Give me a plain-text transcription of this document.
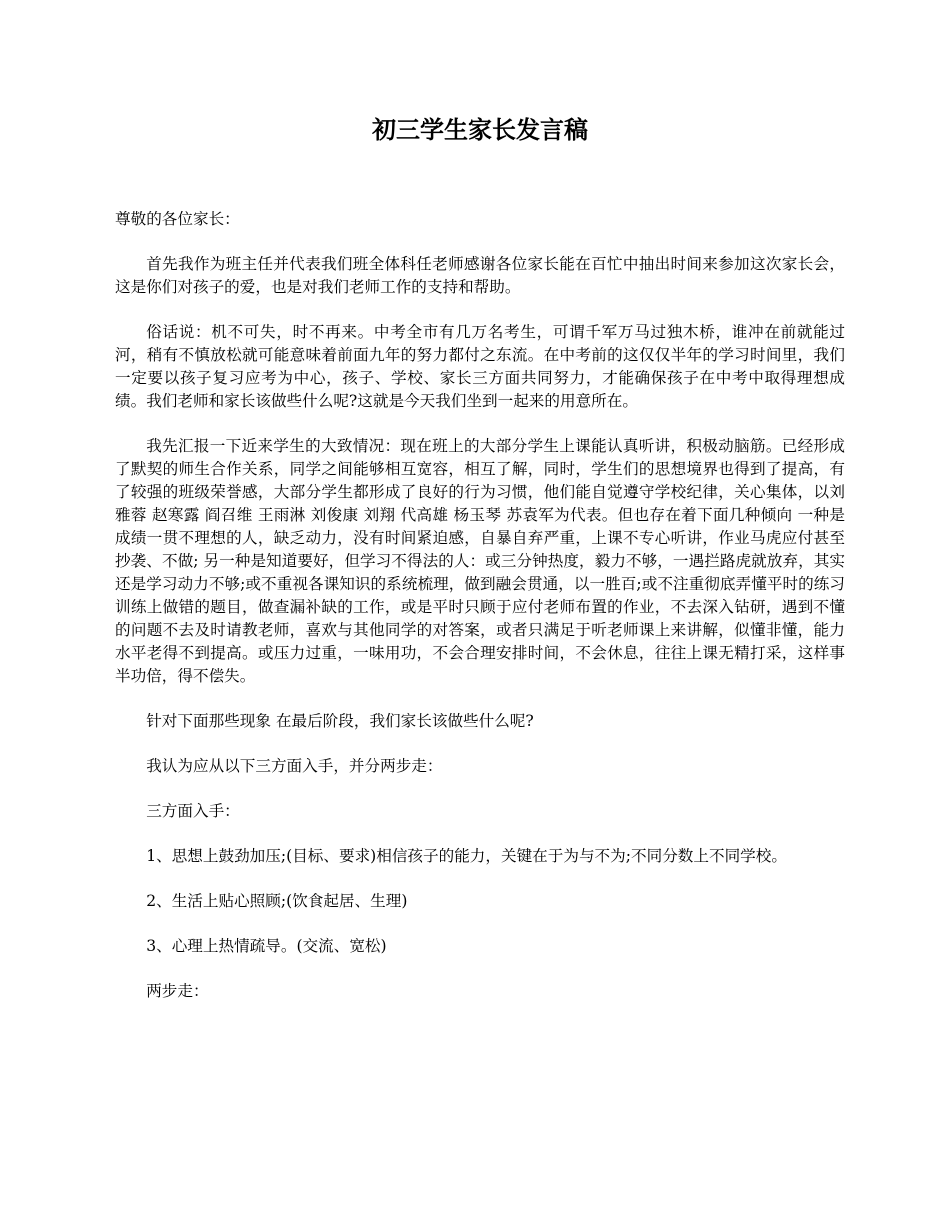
初三学生家长发言稿

尊敬的各位家长：

首先我作为班主任并代表我们班全体科任老师感谢各位家长能在百忙中抽出时间来参加这次家长会，这是你们对孩子的爱，也是对我们老师工作的支持和帮助。

俗话说：机不可失，时不再来。中考全市有几万名考生，可谓千军万马过独木桥，谁冲在前就能过河，稍有不慎放松就可能意味着前面九年的努力都付之东流。在中考前的这仅仅半年的学习时间里，我们一定要以孩子复习应考为中心，孩子、学校、家长三方面共同努力，才能确保孩子在中考中取得理想成绩。我们老师和家长该做些什么呢?这就是今天我们坐到一起来的用意所在。

我先汇报一下近来学生的大致情况：现在班上的大部分学生上课能认真听讲，积极动脑筋。已经形成了默契的师生合作关系，同学之间能够相互宽容，相互了解，同时，学生们的思想境界也得到了提高，有了较强的班级荣誉感，大部分学生都形成了良好的行为习惯，他们能自觉遵守学校纪律，关心集体，以刘雅蓉 赵寒露 阎召维 王雨淋 刘俊康 刘翔 代高雄 杨玉琴 苏袁军为代表。但也存在着下面几种倾向 一种是成绩一贯不理想的人，缺乏动力，没有时间紧迫感，自暴自弃严重，上课不专心听讲，作业马虎应付甚至抄袭、不做; 另一种是知道要好，但学习不得法的人：或三分钟热度，毅力不够，一遇拦路虎就放弃，其实还是学习动力不够;或不重视各课知识的系统梳理，做到融会贯通，以一胜百;或不注重彻底弄懂平时的练习训练上做错的题目，做查漏补缺的工作，或是平时只顾于应付老师布置的作业，不去深入钻研，遇到不懂的问题不去及时请教老师，喜欢与其他同学的对答案，或者只满足于听老师课上来讲解，似懂非懂，能力水平老得不到提高。或压力过重，一味用功，不会合理安排时间，不会休息，往往上课无精打采，这样事半功倍，得不偿失。

针对下面那些现象 在最后阶段，我们家长该做些什么呢?

我认为应从以下三方面入手，并分两步走：

三方面入手：

1、思想上鼓劲加压;(目标、要求)相信孩子的能力，关键在于为与不为;不同分数上不同学校。

2、生活上贴心照顾;(饮食起居、生理)

3、心理上热情疏导。(交流、宽松)

两步走：
